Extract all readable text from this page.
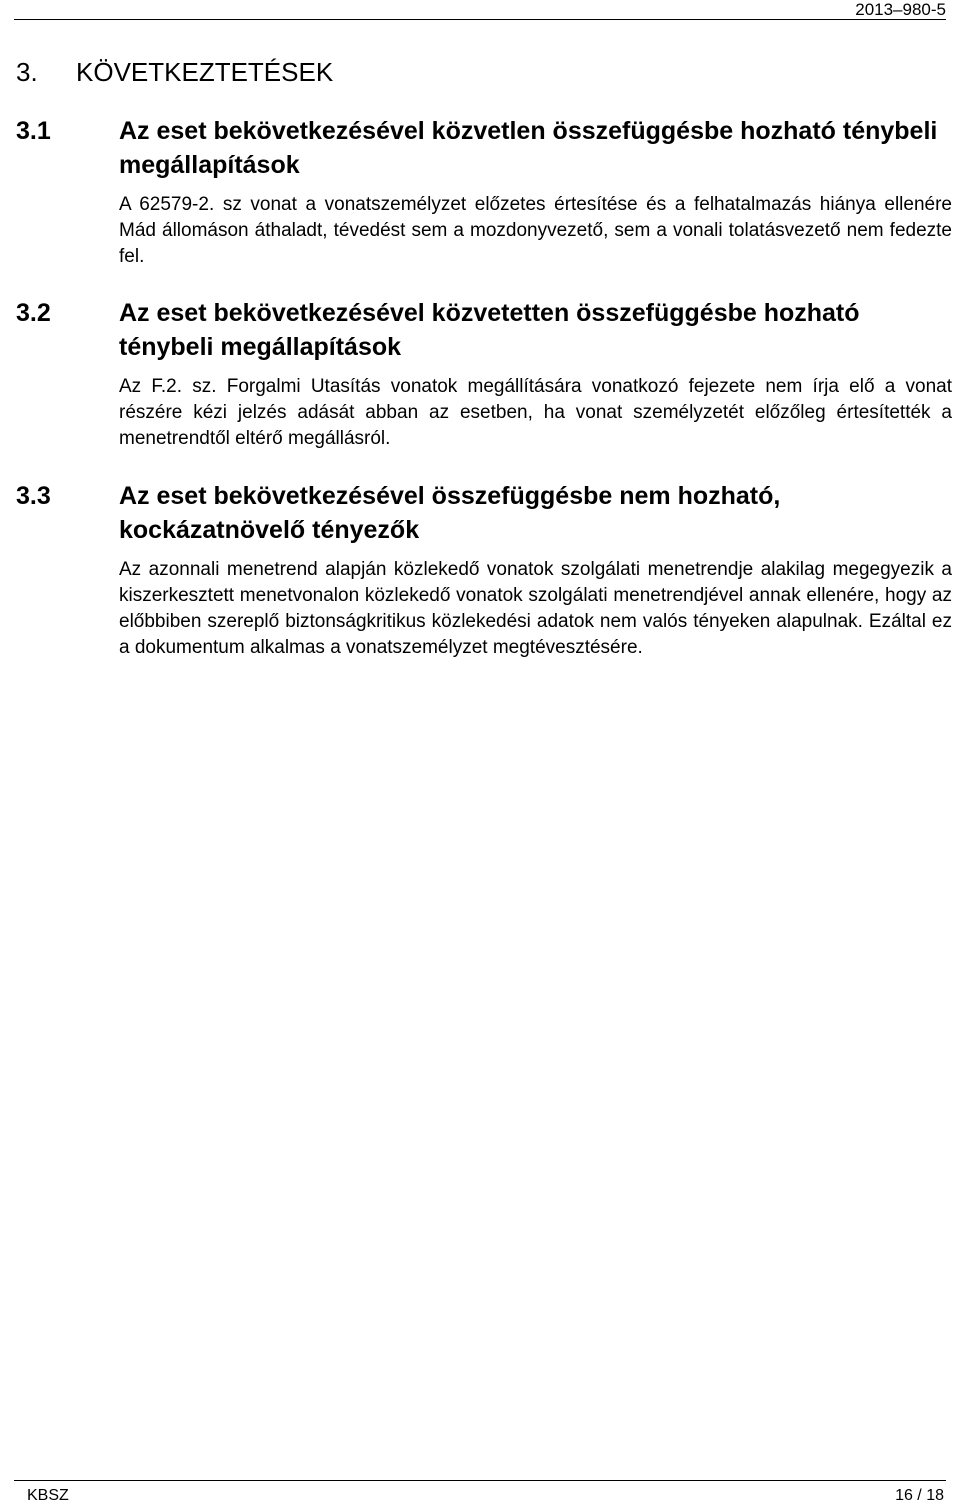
2013–980-5
3. KÖVETKEZTETÉSEK
3.1	Az eset bekövetkezésével közvetlen összefüggésbe hozható ténybeli megállapítások
A 62579-2. sz vonat a vonatszemélyzet előzetes értesítése és a felhatalmazás hiánya ellenére Mád állomáson áthaladt, tévedést sem a mozdonyvezető, sem a vonali tolatásvezető nem fedezte fel.
3.2	Az eset bekövetkezésével közvetetten összefüggésbe hozható ténybeli megállapítások
Az F.2. sz. Forgalmi Utasítás vonatok megállítására vonatkozó fejezete nem írja elő a vonat részére kézi jelzés adását abban az esetben, ha vonat személyzetét előzőleg értesítették a menetrendtől eltérő megállásról.
3.3	Az eset bekövetkezésével összefüggésbe nem hozható, kockázatnövelő tényezők
Az azonnali menetrend alapján közlekedő vonatok szolgálati menetrendje alakilag megegyezik a kiszerkesztett menetvonalon közlekedő vonatok szolgálati menetrendjével annak ellenére, hogy az előbbiben szereplő biztonságkritikus közlekedési adatok nem valós tényeken alapulnak. Ezáltal ez a dokumentum alkalmas a vonatszemélyzet megtévesztésére.
KBSZ	16 / 18
